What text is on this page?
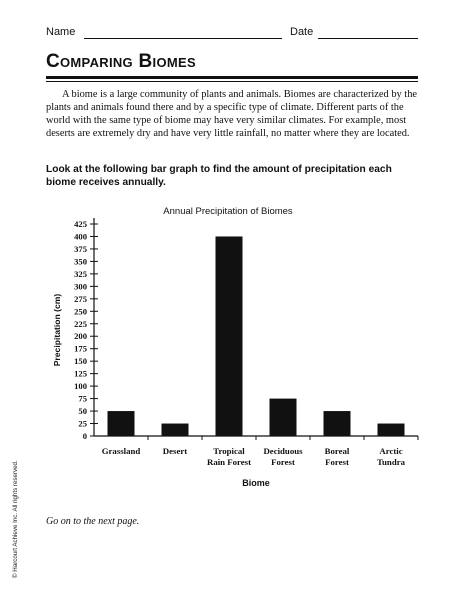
Name	Date
Comparing Biomes

A biome is a large community of plants and animals. Biomes are characterized by the plants and animals found there and by a specific type of climate. Different parts of the world with the same type of biome may have very similar climates. For example, most deserts are extremely dry and have very little rainfall, no matter where they are located.

Look at the following bar graph to find the amount of precipitation each biome receives annually.

Annual Precipitation of Biomes
0
25
50
75
100
125
150
175
200
225
250
275
300
325
350
375
400
425
Precipitation (cm)
Grassland	Desert	Tropical
Rain Forest
Deciduous
Forest
Boreal
Forest
Arctic
Tundra
Biome
Go on to the next page.
© Harcourt Achieve Inc. All rights reserved.
